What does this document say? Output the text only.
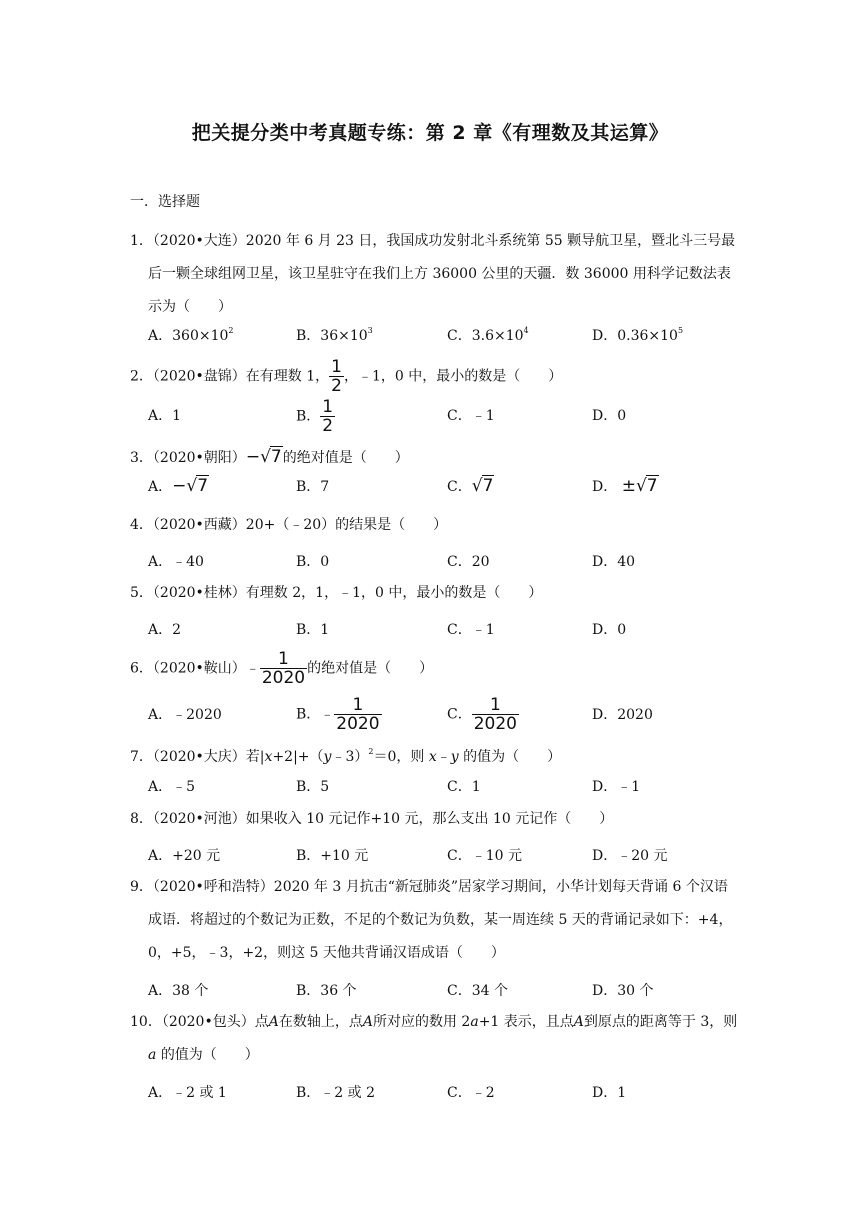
把关提分类中考真题专练：第 2 章《有理数及其运算》
一．选择题
1．（2020•大连）2020 年 6 月 23 日，我国成功发射北斗系统第 55 颗导航卫星，暨北斗三号最后一颗全球组网卫星，该卫星驻守在我们上方 36000 公里的天疆．数 36000 用科学记数法表示为（　　）
A．$360\times 10^2$	B．$36\times 10^3$	C．$3.6\times 10^4$	D．$0.36\times 10^5$
2．（2020•盘锦）在有理数 1， $\frac{1}{2}$ ，﹣1，0 中，最小的数是（　　）
A．1	B． $\frac{1}{2}$	C．﹣1	D．0
3．（2020•朝阳）−√7的绝对值是（　　）
A．−√7	B．7	C．√7	D． ±√7
4．（2020•西藏）20+（﹣20）的结果是（　　）
A．﹣40	B．0	C．20	D．40
5．（2020•桂林）有理数 2，1，﹣1，0 中，最小的数是（　　）
A．2	B．1	C．﹣1	D．0
6．（2020•鞍山）﹣ $\frac{1}{2020}$ 的绝对值是（　　）
A．﹣2020	B．﹣ $\frac{1}{2020}$	C． $\frac{1}{2020}$	D．2020
7．（2020•大庆）若|x+2|+（y﹣3）$^2$＝0，则 x﹣y 的值为（　　）
A．﹣5	B．5	C．1	D．﹣1
8．（2020•河池）如果收入 10 元记作+10 元，那么支出 10 元记作（　　）
A．+20 元	B．+10 元	C．﹣10 元	D．﹣20 元
9．（2020•呼和浩特）2020 年 3 月抗击“新冠肺炎”居家学习期间，小华计划每天背诵 6 个汉语成语．将超过的个数记为正数，不足的个数记为负数，某一周连续 5 天的背诵记录如下：+4，0，+5，﹣3，+2，则这 5 天他共背诵汉语成语（　　）
A．38 个	B．36 个	C．34 个	D．30 个
10．（2020•包头）点A在数轴上，点A所对应的数用 2a+1 表示，且点A到原点的距离等于 3，则 a 的值为（　　）
A．﹣2 或 1	B．﹣2 或 2	C．﹣2	D．1
